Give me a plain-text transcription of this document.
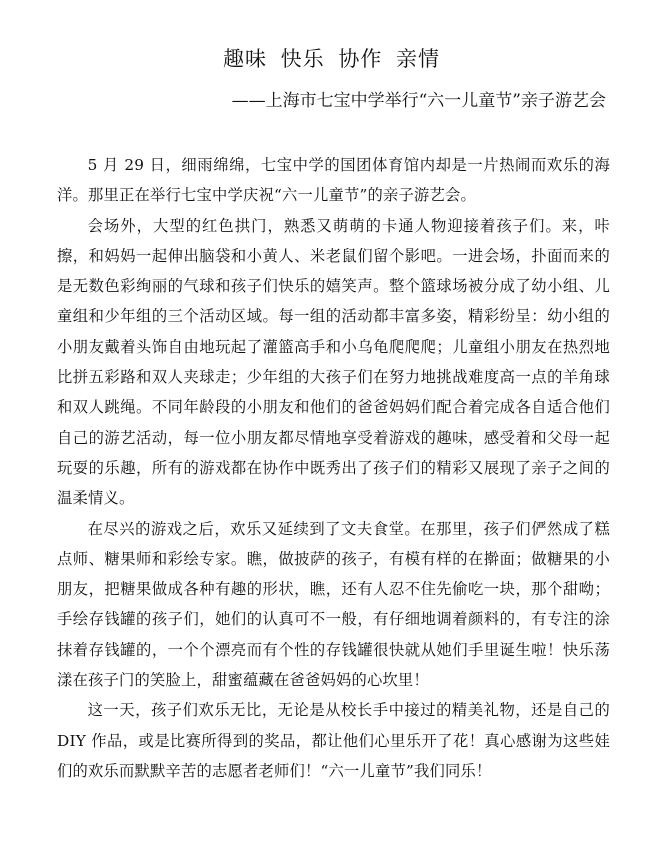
趣味 快乐 协作 亲情
——上海市七宝中学举行“六一儿童节”亲子游艺会

5 月 29 日，细雨绵绵，七宝中学的国团体育馆内却是一片热闹而欢乐的海洋。那里正在举行七宝中学庆祝“六一儿童节”的亲子游艺会。

会场外，大型的红色拱门，熟悉又萌萌的卡通人物迎接着孩子们。来，咔擦，和妈妈一起伸出脑袋和小黄人、米老鼠们留个影吧。一进会场，扑面而来的是无数色彩绚丽的气球和孩子们快乐的嬉笑声。整个篮球场被分成了幼小组、儿童组和少年组的三个活动区域。每一组的活动都丰富多姿，精彩纷呈：幼小组的小朋友戴着头饰自由地玩起了灌篮高手和小乌龟爬爬爬；儿童组小朋友在热烈地比拼五彩路和双人夹球走；少年组的大孩子们在努力地挑战难度高一点的羊角球和双人跳绳。不同年龄段的小朋友和他们的爸爸妈妈们配合着完成各自适合他们自己的游艺活动，每一位小朋友都尽情地享受着游戏的趣味，感受着和父母一起玩耍的乐趣，所有的游戏都在协作中既秀出了孩子们的精彩又展现了亲子之间的温柔情义。

在尽兴的游戏之后，欢乐又延续到了文夫食堂。在那里，孩子们俨然成了糕点师、糖果师和彩绘专家。瞧，做披萨的孩子，有模有样的在擀面；做糖果的小朋友，把糖果做成各种有趣的形状，瞧，还有人忍不住先偷吃一块，那个甜呦；手绘存钱罐的孩子们，她们的认真可不一般，有仔细地调着颜料的，有专注的涂抹着存钱罐的，一个个漂亮而有个性的存钱罐很快就从她们手里诞生啦！快乐荡漾在孩子门的笑脸上，甜蜜蕴藏在爸爸妈妈的心坎里！

这一天，孩子们欢乐无比，无论是从校长手中接过的精美礼物，还是自己的 DIY 作品，或是比赛所得到的奖品，都让他们心里乐开了花！真心感谢为这些娃们的欢乐而默默辛苦的志愿者老师们！“六一儿童节”我们同乐！
